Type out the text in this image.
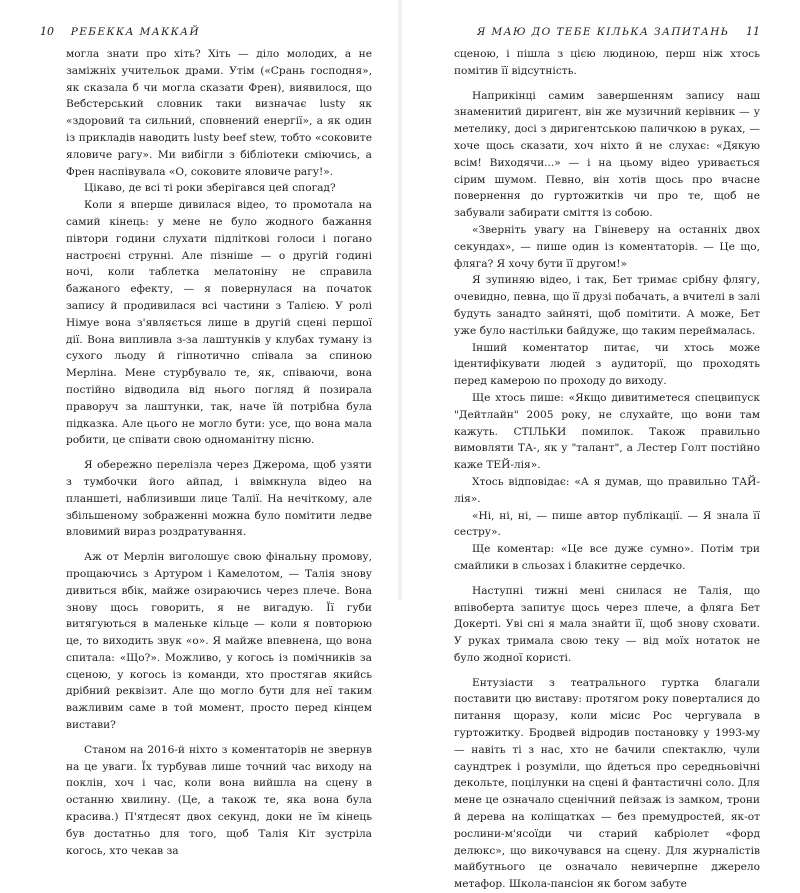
10 РЕБЕККА МАККАЙ

могла знати про хіть? Хіть — діло молодих, а не заміжніх учительок драми. Утім («Срань господня», як сказала б чи могла сказати Френ), виявилося, що Вебстерський словник таки визначає lusty як «здоровий та сильний, сповнений енергії», а як один із прикладів наводить lusty beef stew, тобто «соковите яловиче рагу». Ми вибігли з бібліотеки сміючись, а Френ наспівувала «О, соковите яловиче рагу!».

Цікаво, де всі ті роки зберігався цей спогад?

Коли я вперше дивилася відео, то промотала на самий кінець: у мене не було жодного бажання півтори години слухати підліткові голоси і погано настроєні струнні. Але пізніше — о другій годині ночі, коли таблетка мелатоніну не справила бажаного ефекту, — я повернулася на початок запису й продивилася всі частини з Талією. У ролі Німуе вона з'являється лише в другій сцені першої дії. Вона випливла з-за лаштунків у клубах туману із сухого льоду й гіпнотично співала за спиною Мерліна. Мене стурбувало те, як, співаючи, вона постійно відводила від нього погляд й позирала праворуч за лаштунки, так, наче їй потрібна була підказка. Але цього не могло бути: усе, що вона мала робити, це співати свою одноманітну пісню.

Я обережно перелізла через Джерома, щоб узяти з тумбочки його айпад, і ввімкнула відео на планшеті, наблизивши лице Талії. На нечіткому, але збільшеному зображенні можна було помітити ледве вловимий вираз роздратування.

Аж от Мерлін виголошує свою фінальну промову, прощаючись з Артуром і Камелотом, — Талія знову дивиться вбік, майже озираючись через плече. Вона знову щось говорить, я не вигадую. Її губи витягуються в маленьке кільце — коли я повторюю це, то виходить звук «о». Я майже впевнена, що вона спитала: «Що?». Можливо, у когось із помічників за сценою, у когось із команди, хто простягав якийсь дрібний реквізит. Але що могло бути для неї таким важливим саме в той момент, просто перед кінцем вистави?

Станом на 2016-й ніхто з коментаторів не звернув на це уваги. Їх турбував лише точний час виходу на поклін, хоч і час, коли вона вийшла на сцену в останню хвилину. (Це, а також те, яка вона була красива.) П'ятдесят двох секунд, доки не їм кінець був достатньо для того, щоб Талія Кіт зустріла когось, хто чекав за

Я МАЮ ДО ТЕБЕ КІЛЬКА ЗАПИТАНЬ 11

сценою, і пішла з цією людиною, перш ніж хтось помітив її відсутність.

Наприкінці самим завершенням запису наш знаменитий диригент, він же музичний керівник — у метелику, досі з диригентською паличкою в руках, — хоче щось сказати, хоч ніхто й не слухає: «Дякую всім! Виходячи...» — і на цьому відео уривається сірим шумом. Певно, він хотів щось про вчасне повернення до гуртожитків чи про те, щоб не забували забирати сміття із собою.

«Зверніть увагу на Гвіневеру на останніх двох секундах», — пише один із коментаторів. — Це що, фляга? Я хочу бути її другом!»

Я зупиняю відео, і так, Бет тримає срібну флягу, очевидно, певна, що її друзі побачать, а вчителі в залі будуть занадто зайняті, щоб помітити. А може, Бет уже було настільки байдуже, що таким переймалась.

Інший коментатор питає, чи хтось може ідентифікувати людей з аудиторії, що проходять перед камерою по проходу до виходу.

Ще хтось пише: «Якщо дивитиметеся спецвипуск "Дейтлайн" 2005 року, не слухайте, що вони там кажуть. СТІЛЬКИ помилок. Також правильно вимовляти ТА-, як у "талант", а Лестер Голт постійно каже ТЕЙ-лія».

Хтось відповідає: «А я думав, що правильно ТАЙ-лія».

«Ні, ні, ні, — пише автор публікації. — Я знала її сестру».

Ще коментар: «Це все дуже сумно». Потім три смайлики в сльозах і блакитне сердечко.

Наступні тижні мені снилася не Талія, що впівоберта запитує щось через плече, а фляга Бет Докерті. Уві сні я мала знайти її, щоб знову сховати. У руках тримала свою теку — від моїх нотаток не було жодної користі.

Ентузіасти з театрального гуртка благали поставити цю виставу: протягом року поверталися до питання щоразу, коли місис Рос чергувала в гуртожитку. Бродвей відродив постановку у 1993-му — навіть ті з нас, хто не бачили спектаклю, чули саундтрек і розуміли, що йдеться про середньовічні декольте, поцілунки на сцені й фантастичні соло. Для мене це означало сценічний пейзаж із замком, трони й дерева на коліщатках — без премудростей, як-от рослини-м'ясоїди чи старий кабріолет «форд делюкс», що викочувався на сцену. Для журналістів майбутнього це означало невичерпне джерело метафор. Школа-пансіон як богом забуте
